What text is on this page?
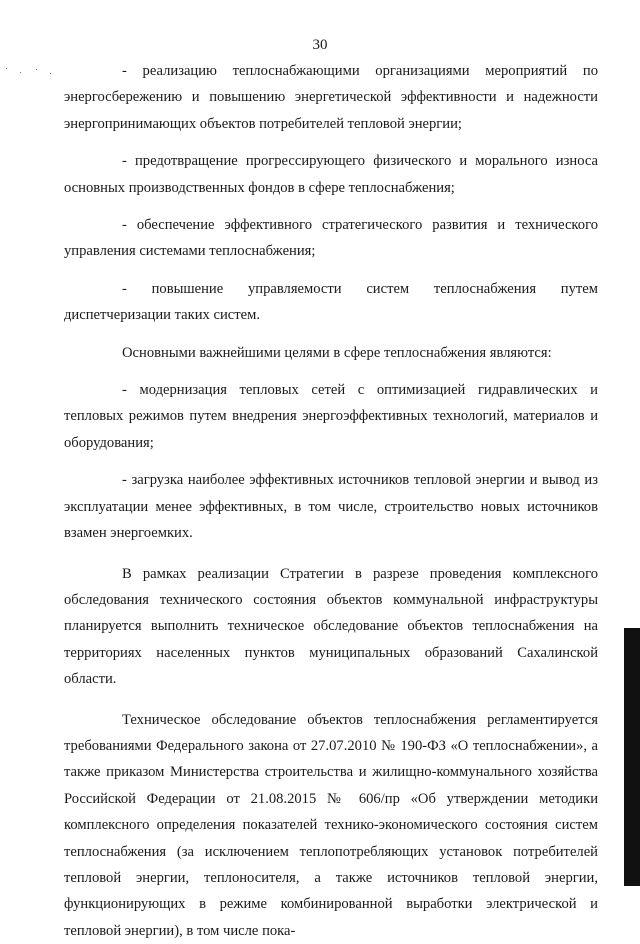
30

- реализацию теплоснабжающими организациями мероприятий по энергосбережению и повышению энергетической эффективности и надежности энергопринимающих объектов потребителей тепловой энергии;

- предотвращение прогрессирующего физического и морального износа основных производственных фондов в сфере теплоснабжения;

- обеспечение эффективного стратегического развития и технического управления системами теплоснабжения;

- повышение управляемости систем теплоснабжения путем диспетчеризации таких систем.

Основными важнейшими целями в сфере теплоснабжения являются:

- модернизация тепловых сетей с оптимизацией гидравлических и тепловых режимов путем внедрения энергоэффективных технологий, материалов и оборудования;

- загрузка наиболее эффективных источников тепловой энергии и вывод из эксплуатации менее эффективных, в том числе, строительство новых источников взамен энергоемких.

В рамках реализации Стратегии в разрезе проведения комплексного обследования технического состояния объектов коммунальной инфраструктуры планируется выполнить техническое обследование объектов теплоснабжения на территориях населенных пунктов муниципальных образований Сахалинской области.

Техническое обследование объектов теплоснабжения регламентируется требованиями Федерального закона от 27.07.2010 № 190-ФЗ «О теплоснабжении», а также приказом Министерства строительства и жилищно-коммунального хозяйства Российской Федерации от 21.08.2015 № 606/пр «Об утверждении методики комплексного определения показателей технико-экономического состояния систем теплоснабжения (за исключением теплопотребляющих установок потребителей тепловой энергии, теплоносителя, а также источников тепловой энергии, функционирующих в режиме комбинированной выработки электрической и тепловой энергии), в том числе пока-
